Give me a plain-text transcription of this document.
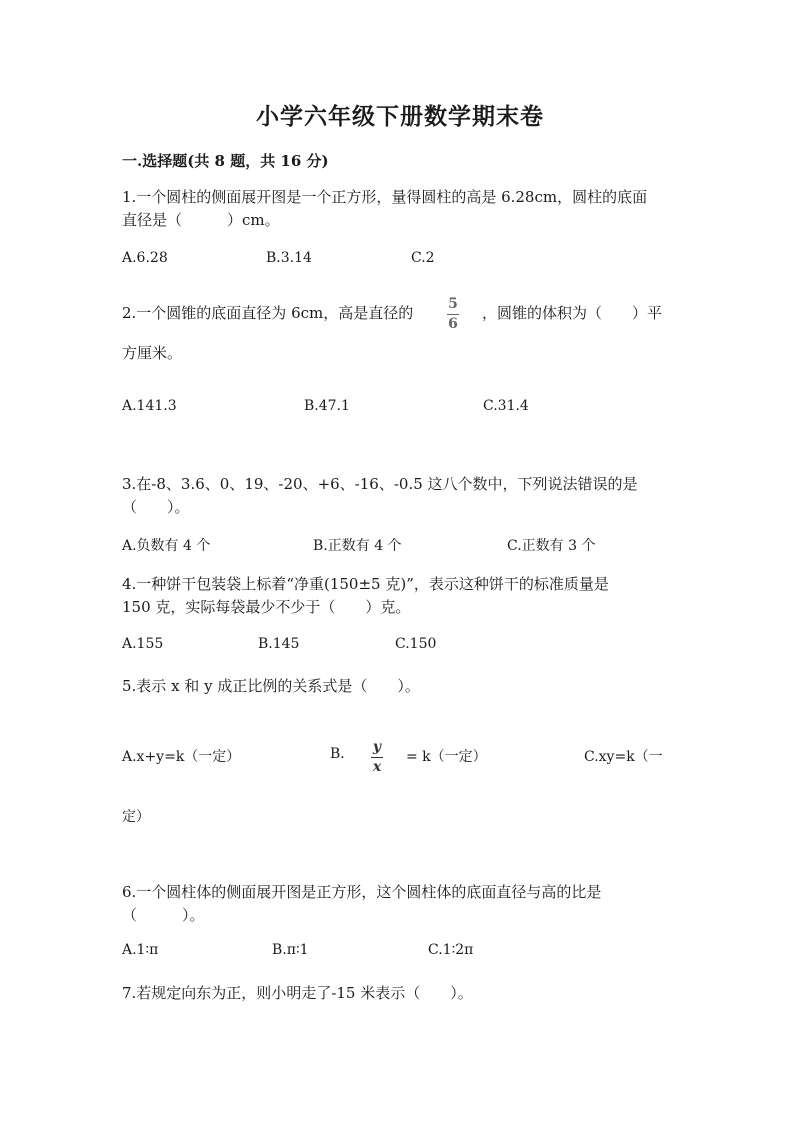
小学六年级下册数学期末卷
一.选择题(共 8 题，共 16 分)
1.一个圆柱的侧面展开图是一个正方形，量得圆柱的高是 6.28cm，圆柱的底面
直径是（　　　）cm。
A.6.28	B.3.14	C.2
2.一个圆锥的底面直径为 6cm，高是直径的 5
6
，圆锥的体积为（　　）平
方厘米。
A.141.3	B.47.1	C.31.4
3.在-8、3.6、0、19、-20、+6、-16、-0.5 这八个数中，下列说法错误的是
（　　）。
A.负数有 4 个	B.正数有 4 个	C.正数有 3 个
4.一种饼干包装袋上标着“净重(150±5 克)”，表示这种饼干的标准质量是
150 克，实际每袋最少不少于（　　）克。
A.155	B.145	C.150
5.表示 x 和 y 成正比例的关系式是（　　）。
A.x+y=k（一定）	B. y
x
= k（一定）	C.xy=k（一
定）
6.一个圆柱体的侧面展开图是正方形，这个圆柱体的底面直径与高的比是
（　　　）。
A.1∶π	B.π∶1	C.1∶2π
7.若规定向东为正，则小明走了-15 米表示（　　）。
